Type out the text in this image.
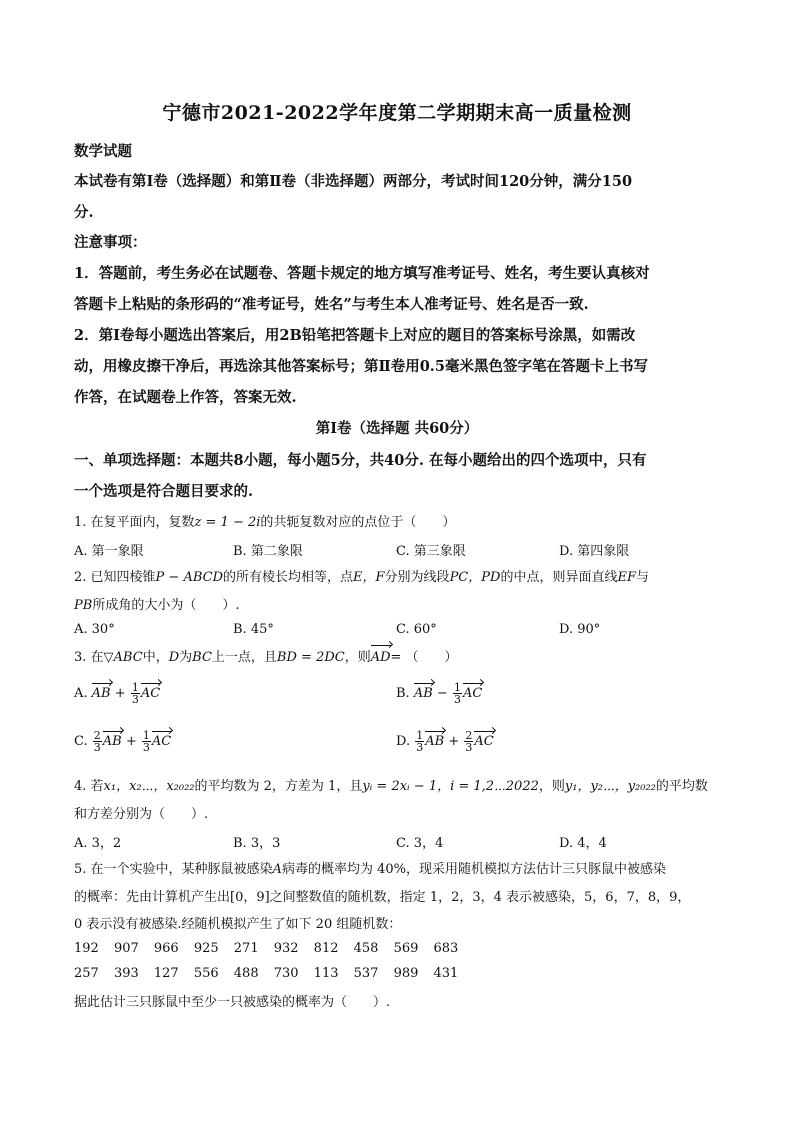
宁德市2021-2022学年度第二学期期末高一质量检测
数学试题
本试卷有第Ⅰ卷（选择题）和第Ⅱ卷（非选择题）两部分，考试时间120分钟，满分150
分.
注意事项：
1．答题前，考生务必在试题卷、答题卡规定的地方填写准考证号、姓名，考生要认真核对
答题卡上粘贴的条形码的“准考证号，姓名”与考生本人准考证号、姓名是否一致.
2．第Ⅰ卷每小题选出答案后，用2B铅笔把答题卡上对应的题目的答案标号涂黑，如需改
动，用橡皮擦干净后，再选涂其他答案标号；第Ⅱ卷用0.5毫米黑色签字笔在答题卡上书写
作答，在试题卷上作答，答案无效.
第Ⅰ卷（选择题 共60分）
一、单项选择题：本题共8小题，每小题5分，共40分. 在每小题给出的四个选项中，只有
一个选项是符合题目要求的.
1. 在复平面内，复数z = 1 − 2i的共轭复数对应的点位于（　　）
A. 第一象限	B. 第二象限	C. 第三象限	D. 第四象限
2. 已知四棱锥P − ABCD的所有棱长均相等，点E，F分别为线段PC，PD的中点，则异面直线EF与
PB所成角的大小为（　　）.
A. 30°	B. 45°	C. 60°	D. 90°
3. 在▽ABC中，D为BC上一点，且BD = 2DC，则AD= （　　）
A. AB + $\frac{1}{3}$ AC	B. AB − $\frac{1}{3}$ AC
C. $\frac{2}{3}$ AB + $\frac{1}{3}$ AC	D. $\frac{1}{3}$ AB + $\frac{2}{3}$ AC
4. 若x₁，x₂⋯，x₂₀₂₂的平均数为 2，方差为 1，且yᵢ = 2xᵢ − 1，i = 1,2⋯2022，则y₁，y₂⋯，y₂₀₂₂的平均数
和方差分别为（　　）.
A. 3，2	B. 3，3	C. 3，4	D. 4，4
5. 在一个实验中，某种豚鼠被感染A病毒的概率均为 40%，现采用随机模拟方法估计三只豚鼠中被感染
的概率：先由计算机产生出[0，9]之间整数值的随机数，指定 1，2，3，4 表示被感染，5，6，7，8，9，
0 表示没有被感染.经随机模拟产生了如下 20 组随机数：
192 907 966 925 271 932 812 458 569 683
257 393 127 556 488 730 113 537 989 431
据此估计三只豚鼠中至少一只被感染的概率为（　　）.
